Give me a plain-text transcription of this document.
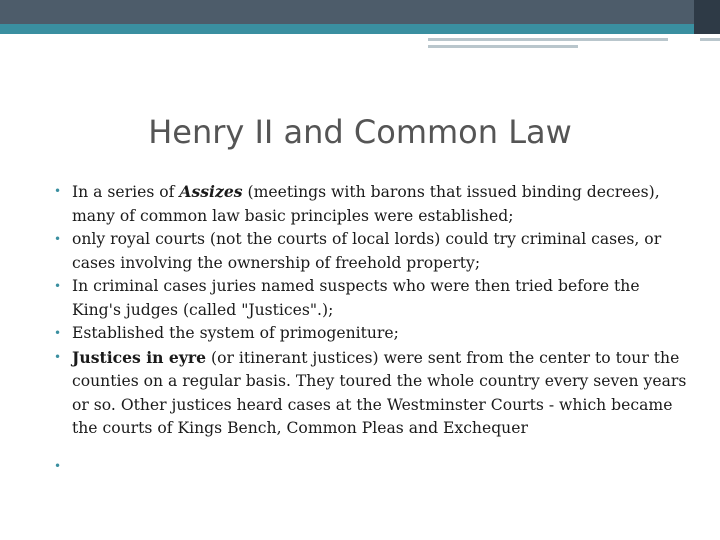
Henry II and Common Law
• In a series of Assizes (meetings with barons that issued binding decrees), many of common law basic principles were established;
• only royal courts (not the courts of local lords) could try criminal cases, or cases involving the ownership of freehold property;
• In criminal cases juries named suspects who were then tried before the King's judges (called "Justices".);
• Established the system of primogeniture;
• Justices in eyre (or itinerant justices) were sent from the center to tour the counties on a regular basis. They toured the whole country every seven years or so. Other justices heard cases at the Westminster Courts - which became the courts of Kings Bench, Common Pleas and Exchequer
•
